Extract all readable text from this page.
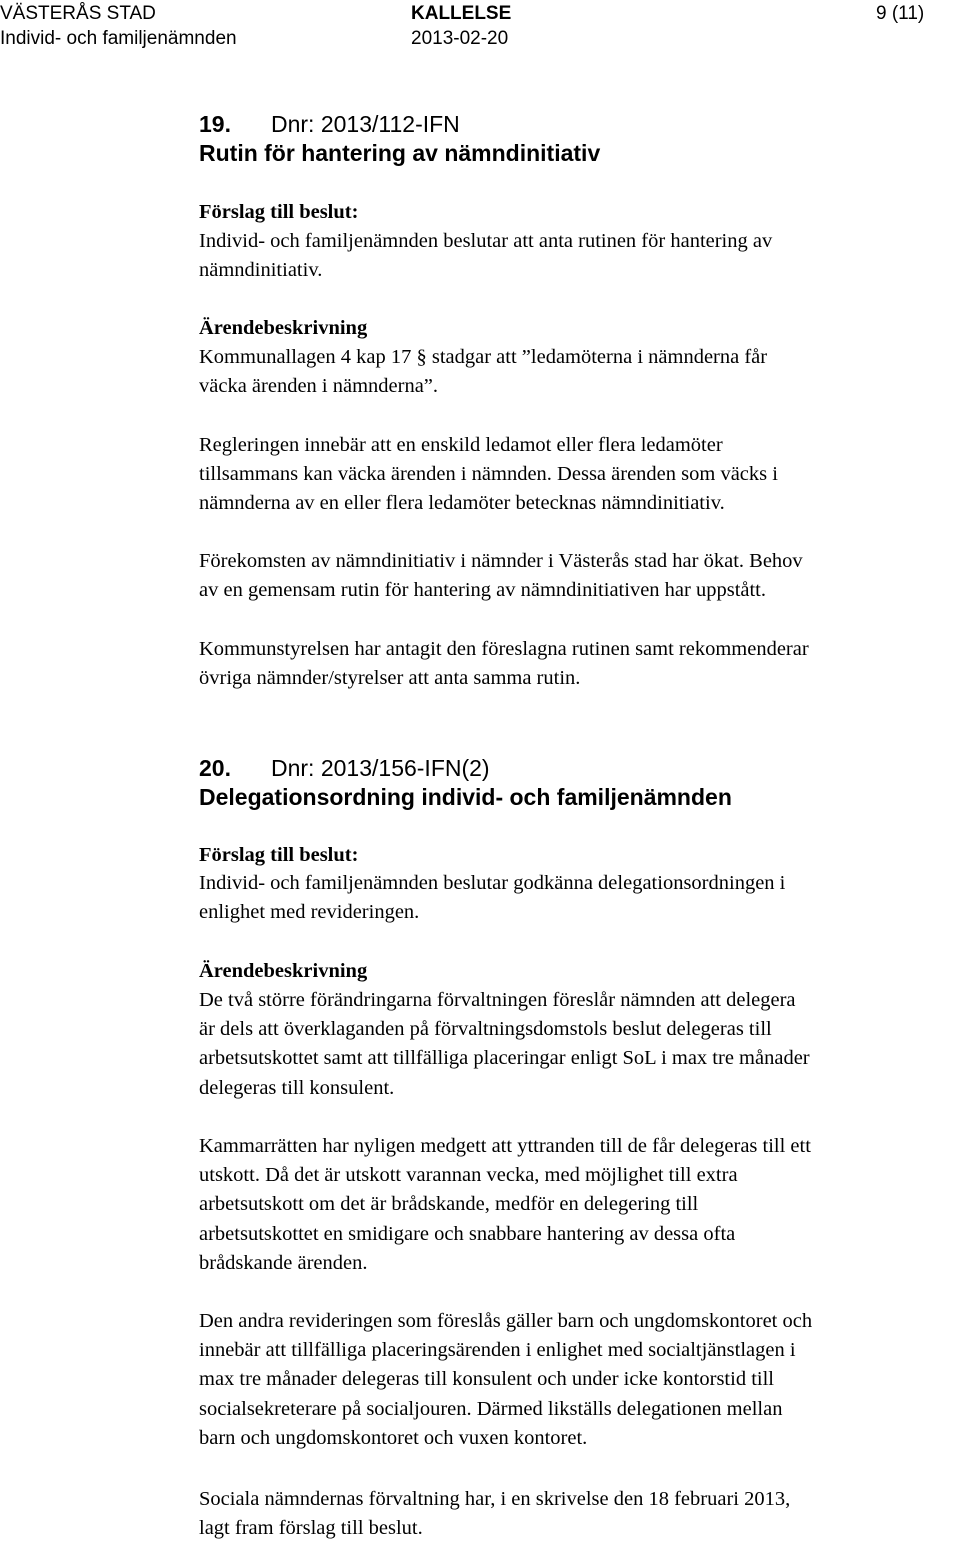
VÄSTERÅS STAD	KALLELSE	9 (11)
Individ- och familjenämnden	2013-02-20
19. Dnr: 2013/112-IFN
Rutin för hantering av nämndinitiativ
Förslag till beslut:
Individ- och familjenämnden beslutar att anta rutinen för hantering av
nämndinitiativ.
Ärendebeskrivning
Kommunallagen 4 kap 17 § stadgar att ”ledamöterna i nämnderna får
väcka ärenden i nämnderna”.
Regleringen innebär att en enskild ledamot eller flera ledamöter
tillsammans kan väcka ärenden i nämnden. Dessa ärenden som väcks i
nämnderna av en eller flera ledamöter betecknas nämndinitiativ.
Förekomsten av nämndinitiativ i nämnder i Västerås stad har ökat. Behov
av en gemensam rutin för hantering av nämndinitiativen har uppstått.
Kommunstyrelsen har antagit den föreslagna rutinen samt rekommenderar
övriga nämnder/styrelser att anta samma rutin.
20. Dnr: 2013/156-IFN(2)
Delegationsordning individ- och familjenämnden
Förslag till beslut:
Individ- och familjenämnden beslutar godkänna delegationsordningen i
enlighet med revideringen.
Ärendebeskrivning
De två större förändringarna förvaltningen föreslår nämnden att delegera
är dels att överklaganden på förvaltningsdomstols beslut delegeras till
arbetsutskottet samt att tillfälliga placeringar enligt SoL i max tre månader
delegeras till konsulent.
Kammarrätten har nyligen medgett att yttranden till de får delegeras till ett
utskott. Då det är utskott varannan vecka, med möjlighet till extra
arbetsutskott om det är brådskande, medför en delegering till
arbetsutskottet en smidigare och snabbare hantering av dessa ofta
brådskande ärenden.
Den andra revideringen som föreslås gäller barn och ungdomskontoret och
innebär att tillfälliga placeringsärenden i enlighet med socialtjänstlagen i
max tre månader delegeras till konsulent och under icke kontorstid till
socialsekreterare på socialjouren. Därmed likställs delegationen mellan
barn och ungdomskontoret och vuxen kontoret.
Sociala nämndernas förvaltning har, i en skrivelse den 18 februari 2013,
lagt fram förslag till beslut.
